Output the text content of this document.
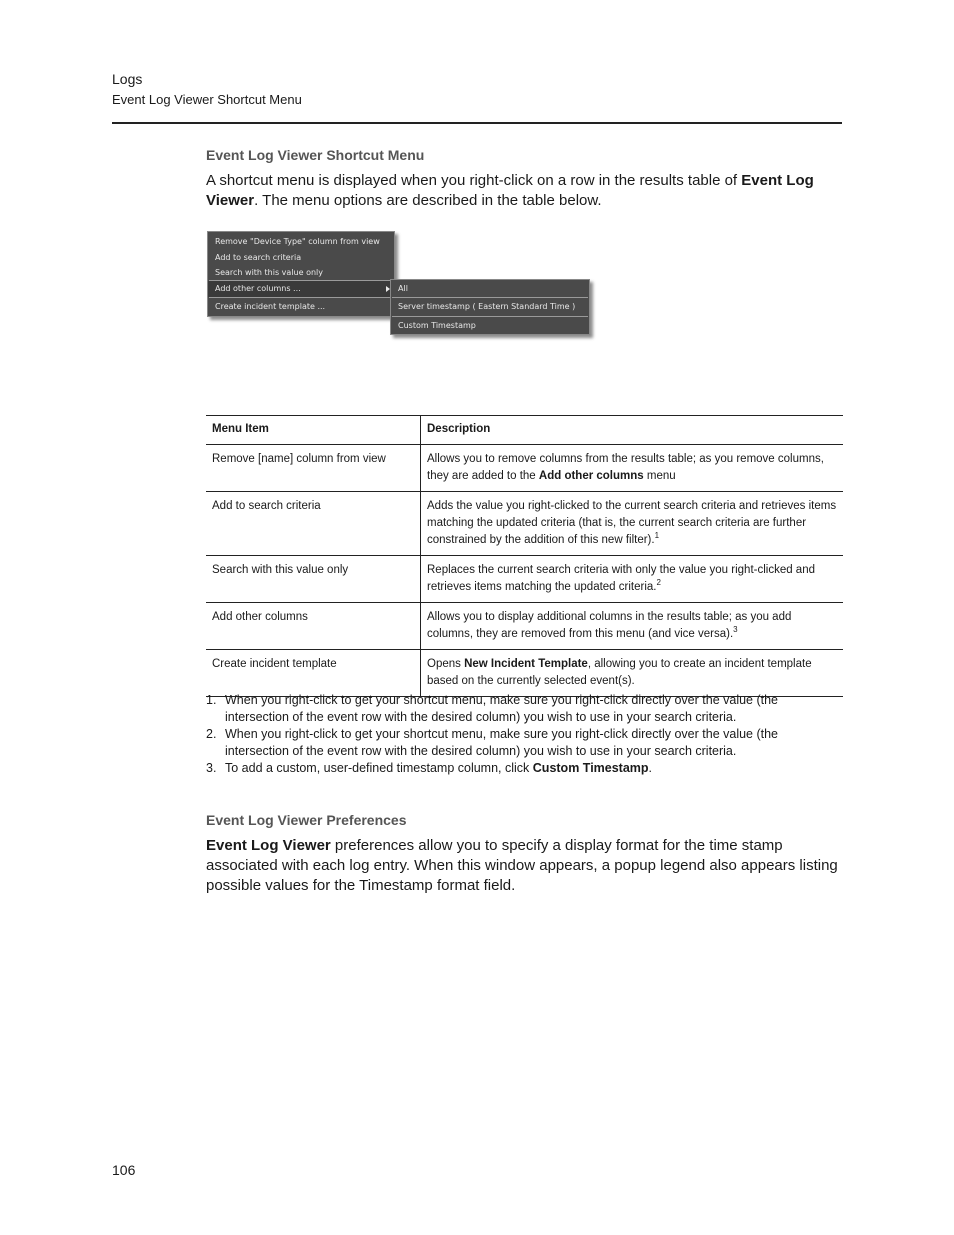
Logs
Event Log Viewer Shortcut Menu
Event Log Viewer Shortcut Menu
A shortcut menu is displayed when you right-click on a row in the results table of Event Log Viewer. The menu options are described in the table below.
Remove "Device Type" column from view
Add to search criteria
Search with this value only
Add other columns ...
Create incident template ...
All
Server timestamp ( Eastern Standard Time )
Custom Timestamp
Menu Item	Description
Remove [name] column from view	Allows you to remove columns from the results table; as you remove columns, they are added to the Add other columns menu
Add to search criteria	Adds the value you right-clicked to the current search criteria and retrieves items matching the updated criteria (that is, the current search criteria are further constrained by the addition of this new filter).$^1$
Search with this value only	Replaces the current search criteria with only the value you right-clicked and retrieves items matching the updated criteria.$^2$
Add other columns	Allows you to display additional columns in the results table; as you add columns, they are removed from this menu (and vice versa).$^3$
Create incident template	Opens New Incident Template, allowing you to create an incident template based on the currently selected event(s).
1. When you right-click to get your shortcut menu, make sure you right-click directly over the value (the intersection of the event row with the desired column) you wish to use in your search criteria.
2. When you right-click to get your shortcut menu, make sure you right-click directly over the value (the intersection of the event row with the desired column) you wish to use in your search criteria.
3. To add a custom, user-defined timestamp column, click Custom Timestamp.
Event Log Viewer Preferences
Event Log Viewer preferences allow you to specify a display format for the time stamp associated with each log entry. When this window appears, a popup legend also appears listing possible values for the Timestamp format field.
106
